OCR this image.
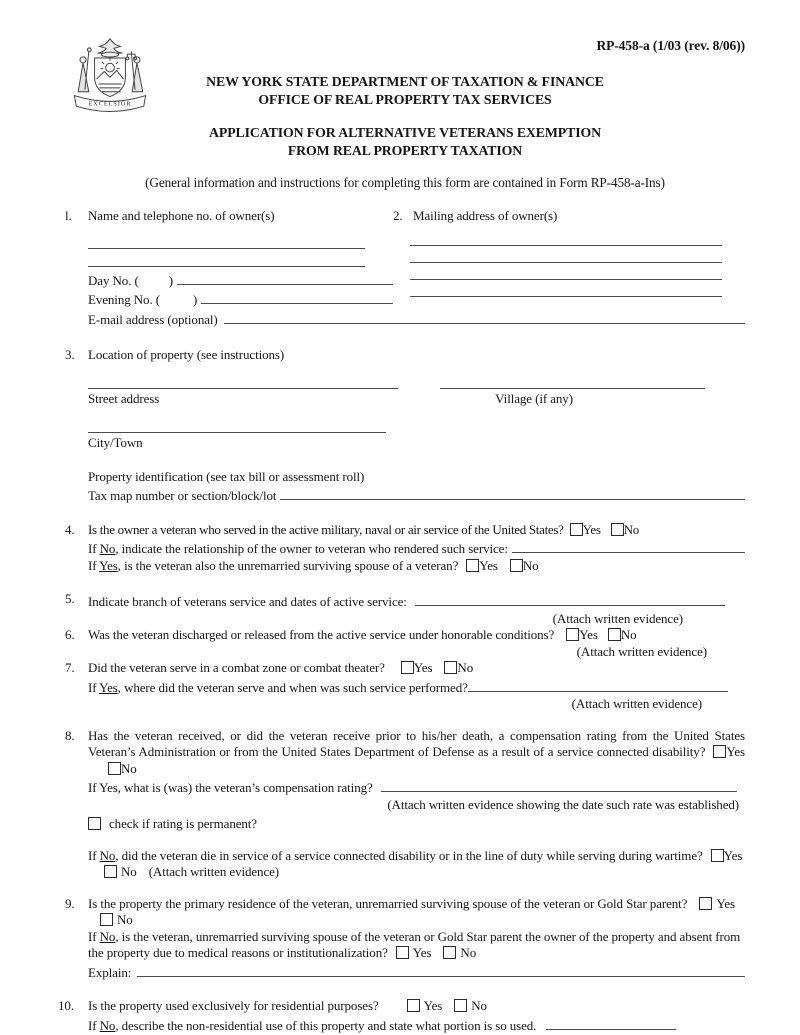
EXCELSIOR
RP-458-a (1/03 (rev. 8/06))
NEW YORK STATE DEPARTMENT OF TAXATION & FINANCE
OFFICE OF REAL PROPERTY TAX SERVICES
APPLICATION FOR ALTERNATIVE VETERANS EXEMPTION
FROM REAL PROPERTY TAXATION
(General information and instructions for completing this form are contained in Form RP-458-a-Ins)
l.	Name and telephone no. of owner(s)
Day No. ( )
Evening No. (	)
2. Mailing address of owner(s)
E-mail address (optional)
3.	Location of property (see instructions)
Street address	Village (if any)
City/Town
Property identification (see tax bill or assessment roll)
Tax map number or section/block/lot
4.	Is the owner a veteran who served in the active military, naval or air service of the United States? Yes No
If No, indicate the relationship of the owner to veteran who rendered such service:
If Yes, is the veteran also the unremarried surviving spouse of a veteran? Yes No
5.	Indicate branch of veterans service and dates of active service:
(Attach written evidence)
6.	Was the veteran discharged or released from the active service under honorable conditions? Yes No
(Attach written evidence)
7.	Did the veteran serve in a combat zone or combat theater? Yes No
If Yes, where did the veteran serve and when was such service performed?
(Attach written evidence)
8.	Has the veteran received, or did the veteran receive prior to his/her death, a compensation rating from the United States Veteran’s Administration or from the United States Department of Defense as a result of a service connected disability? YesNo
If Yes, what is (was) the veteran’s compensation rating?
(Attach written evidence showing the date such rate was established)
check if rating is permanent?
If No, did the veteran die in service of a service connected disability or in the line of duty while serving during wartime? YesNo (Attach written evidence)
9.	Is the property the primary residence of the veteran, unremarried surviving spouse of the veteran or Gold Star parent? YesNo
If No, is the veteran, unremarried surviving spouse of the veteran or Gold Star parent the owner of the property and absent from the property due to medical reasons or institutionalization? Yes No
Explain:
10.	Is the property used exclusively for residential purposes?	Yes No
If No, describe the non-residential use of this property and state what portion is so used.
